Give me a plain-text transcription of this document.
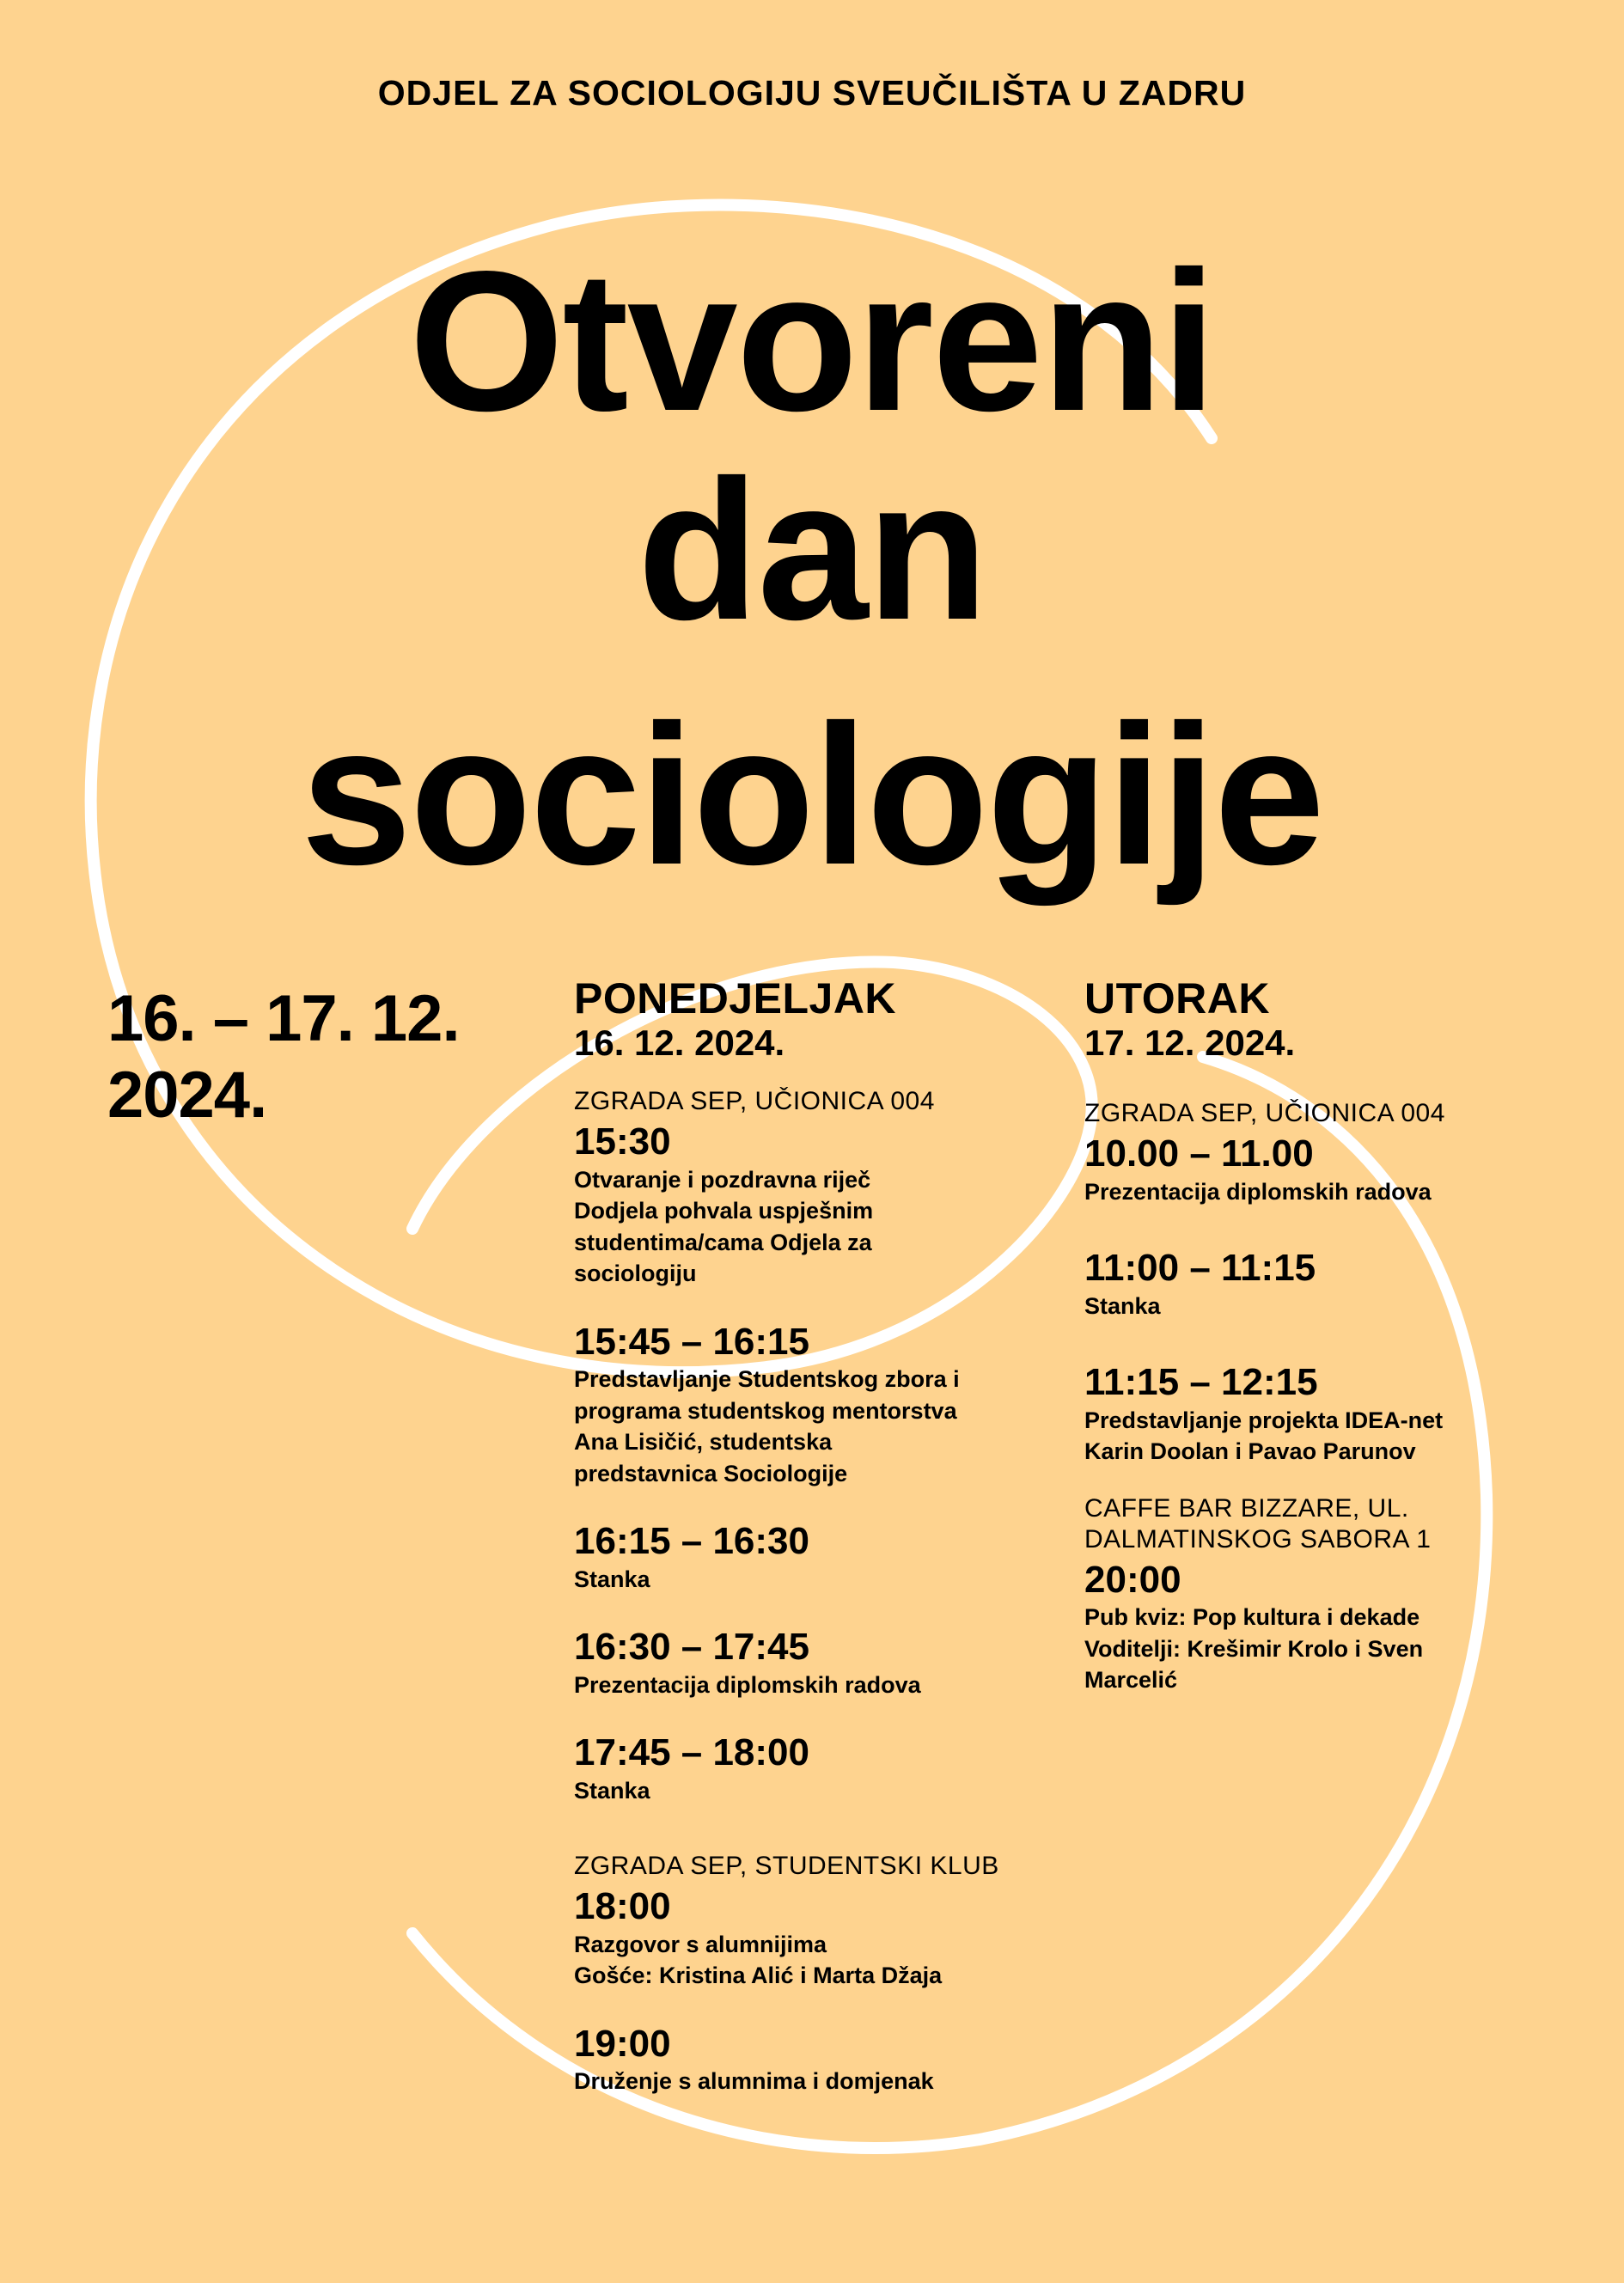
ODJEL ZA SOCIOLOGIJU SVEUČILIŠTA U ZADRU
Otvoreni
dan
sociologije
16. – 17. 12.
2024.
PONEDJELJAK
16. 12. 2024.
ZGRADA SEP, UČIONICA 004
15:30
Otvaranje i pozdravna riječ
Dodjela pohvala uspješnim
studentima/cama Odjela za
sociologiju
15:45 – 16:15
Predstavljanje Studentskog zbora i
programa studentskog mentorstva
Ana Lisičić, studentska
predstavnica Sociologije
16:15 – 16:30
Stanka
16:30 – 17:45
Prezentacija diplomskih radova
17:45 – 18:00
Stanka
ZGRADA SEP, STUDENTSKI KLUB
18:00
Razgovor s alumnijima
Gošće: Kristina Alić i Marta Džaja
19:00
Druženje s alumnima i domjenak
UTORAK
17. 12. 2024.
ZGRADA SEP, UČIONICA 004
10.00 – 11.00
Prezentacija diplomskih radova
11:00 – 11:15
Stanka
11:15 – 12:15
Predstavljanje projekta IDEA-net
Karin Doolan i Pavao Parunov
CAFFE BAR BIZZARE, UL.
DALMATINSKOG SABORA 1
20:00
Pub kviz: Pop kultura i dekade
Voditelji: Krešimir Krolo i Sven
Marcelić
